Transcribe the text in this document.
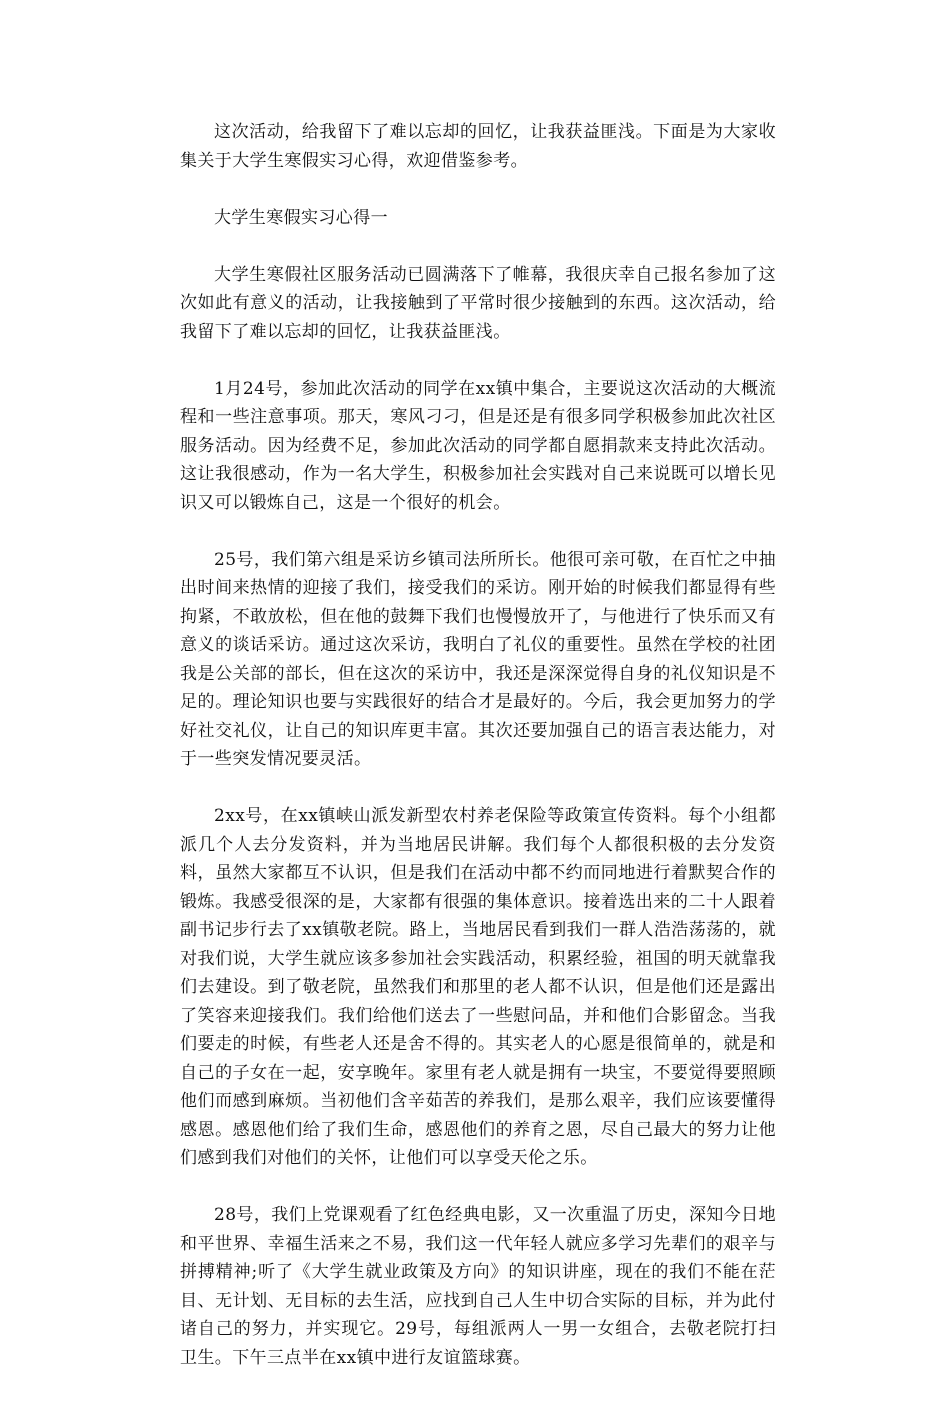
这次活动，给我留下了难以忘却的回忆，让我获益匪浅。下面是为大家收集关于大学生寒假实习心得，欢迎借鉴参考。

大学生寒假实习心得一

大学生寒假社区服务活动已圆满落下了帷幕，我很庆幸自己报名参加了这次如此有意义的活动，让我接触到了平常时很少接触到的东西。这次活动，给我留下了难以忘却的回忆，让我获益匪浅。

1月24号，参加此次活动的同学在xx镇中集合，主要说这次活动的大概流程和一些注意事项。那天，寒风刁刁，但是还是有很多同学积极参加此次社区服务活动。因为经费不足，参加此次活动的同学都自愿捐款来支持此次活动。这让我很感动，作为一名大学生，积极参加社会实践对自己来说既可以增长见识又可以锻炼自己，这是一个很好的机会。

25号，我们第六组是采访乡镇司法所所长。他很可亲可敬，在百忙之中抽出时间来热情的迎接了我们，接受我们的采访。刚开始的时候我们都显得有些拘紧，不敢放松，但在他的鼓舞下我们也慢慢放开了，与他进行了快乐而又有意义的谈话采访。通过这次采访，我明白了礼仪的重要性。虽然在学校的社团我是公关部的部长，但在这次的采访中，我还是深深觉得自身的礼仪知识是不足的。理论知识也要与实践很好的结合才是最好的。今后，我会更加努力的学好社交礼仪，让自己的知识库更丰富。其次还要加强自己的语言表达能力，对于一些突发情况要灵活。

2xx号，在xx镇峡山派发新型农村养老保险等政策宣传资料。每个小组都派几个人去分发资料，并为当地居民讲解。我们每个人都很积极的去分发资料，虽然大家都互不认识，但是我们在活动中都不约而同地进行着默契合作的锻炼。我感受很深的是，大家都有很强的集体意识。接着选出来的二十人跟着副书记步行去了xx镇敬老院。路上，当地居民看到我们一群人浩浩荡荡的，就对我们说，大学生就应该多参加社会实践活动，积累经验，祖国的明天就靠我们去建设。到了敬老院，虽然我们和那里的老人都不认识，但是他们还是露出了笑容来迎接我们。我们给他们送去了一些慰问品，并和他们合影留念。当我们要走的时候，有些老人还是舍不得的。其实老人的心愿是很简单的，就是和自己的子女在一起，安享晚年。家里有老人就是拥有一块宝，不要觉得要照顾他们而感到麻烦。当初他们含辛茹苦的养我们，是那么艰辛，我们应该要懂得感恩。感恩他们给了我们生命，感恩他们的养育之恩，尽自己最大的努力让他们感到我们对他们的关怀，让他们可以享受天伦之乐。

28号，我们上党课观看了红色经典电影，又一次重温了历史，深知今日地和平世界、幸福生活来之不易，我们这一代年轻人就应多学习先辈们的艰辛与拼搏精神;听了《大学生就业政策及方向》的知识讲座，现在的我们不能在茫目、无计划、无目标的去生活，应找到自己人生中切合实际的目标，并为此付诸自己的努力，并实现它。29号，每组派两人一男一女组合，去敬老院打扫卫生。下午三点半在xx镇中进行友谊篮球赛。
